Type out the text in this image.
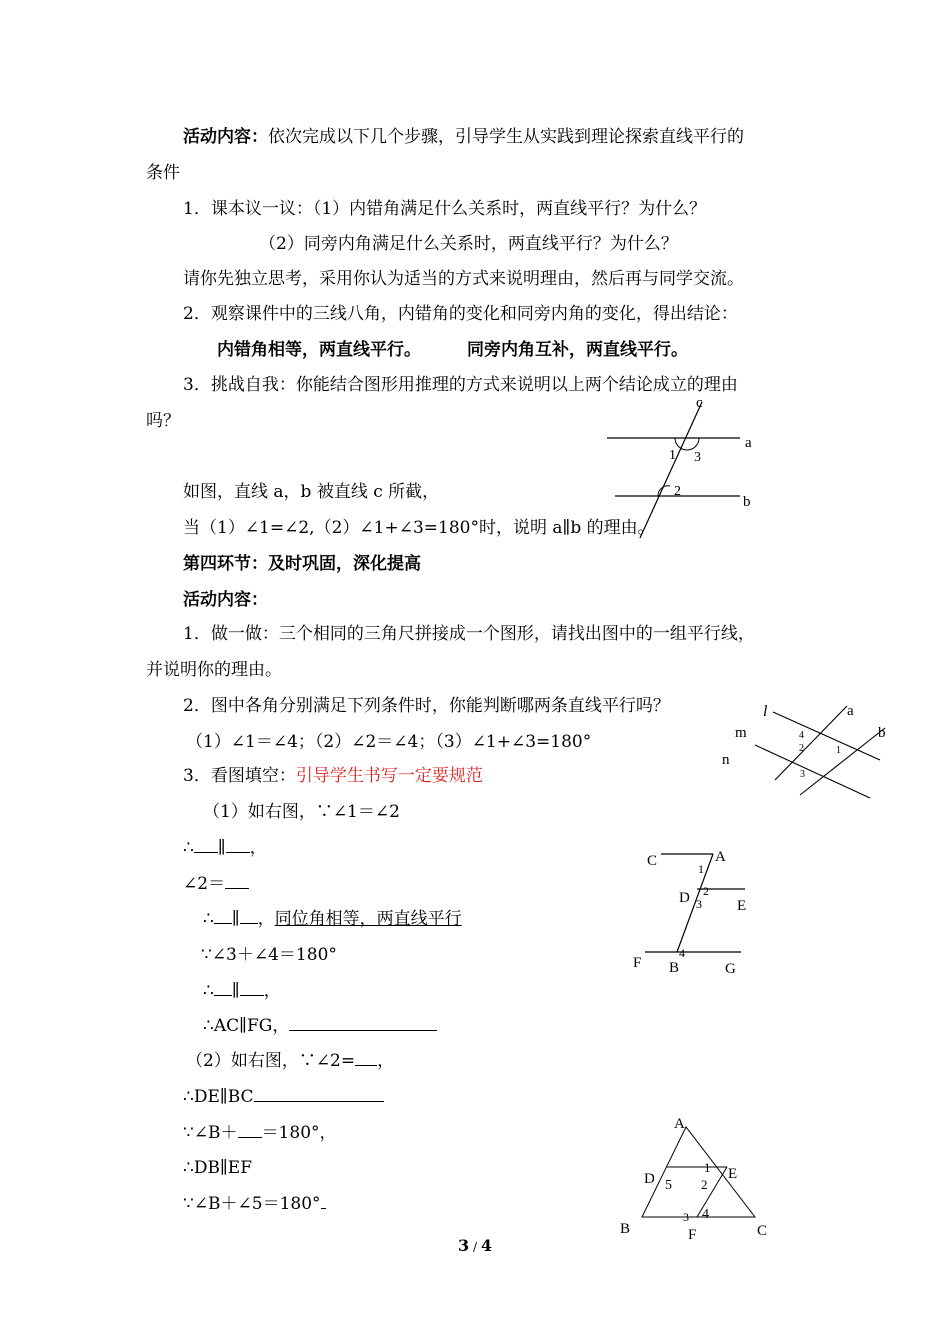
活动内容：依次完成以下几个步骤，引导学生从实践到理论探索直线平行的
条件
1．课本议一议：（1）内错角满足什么关系时，两直线平行？为什么？
（2）同旁内角满足什么关系时，两直线平行？为什么？
请你先独立思考，采用你认为适当的方式来说明理由，然后再与同学交流。
2．观察课件中的三线八角，内错角的变化和同旁内角的变化，得出结论：
内错角相等，两直线平行。	同旁内角互补，两直线平行。
3．挑战自我：你能结合图形用推理的方式来说明以上两个结论成立的理由
吗？
如图，直线 a，b 被直线 c 所截，
当（1）∠1=∠2,（2）∠1+∠3=180°时，说明 a∥b 的理由。
c
a
b
1
2
3
第四环节：及时巩固，深化提高
活动内容：
1．做一做：三个相同的三角尺拼接成一个图形，请找出图中的一组平行线，
并说明你的理由。
2．图中各角分别满足下列条件时，你能判断哪两条直线平行吗？
（1）∠1＝∠4；（2）∠2＝∠4；（3）∠1+∠3=180°
3．看图填空：引导学生书写一定要规范
（1）如右图，∵∠1＝∠2
∴ ∥ ，
∠2＝
∴ ∥ ，同位角相等，两直线平行
∵∠3＋∠4＝180°
∴ ∥ ，
∴AC∥FG，
（2）如右图，∵∠2= ，
∴DE∥BC
∵∠B＋ ＝180°，
∴DB∥EF
∵∠B＋∠5＝180°
l	a
b
m
n
4
2	1
3
C	A
D	E
F B	G
1
2
3
4
A
D	E
B	F	C
1
2
3 4
5
3 / 4
